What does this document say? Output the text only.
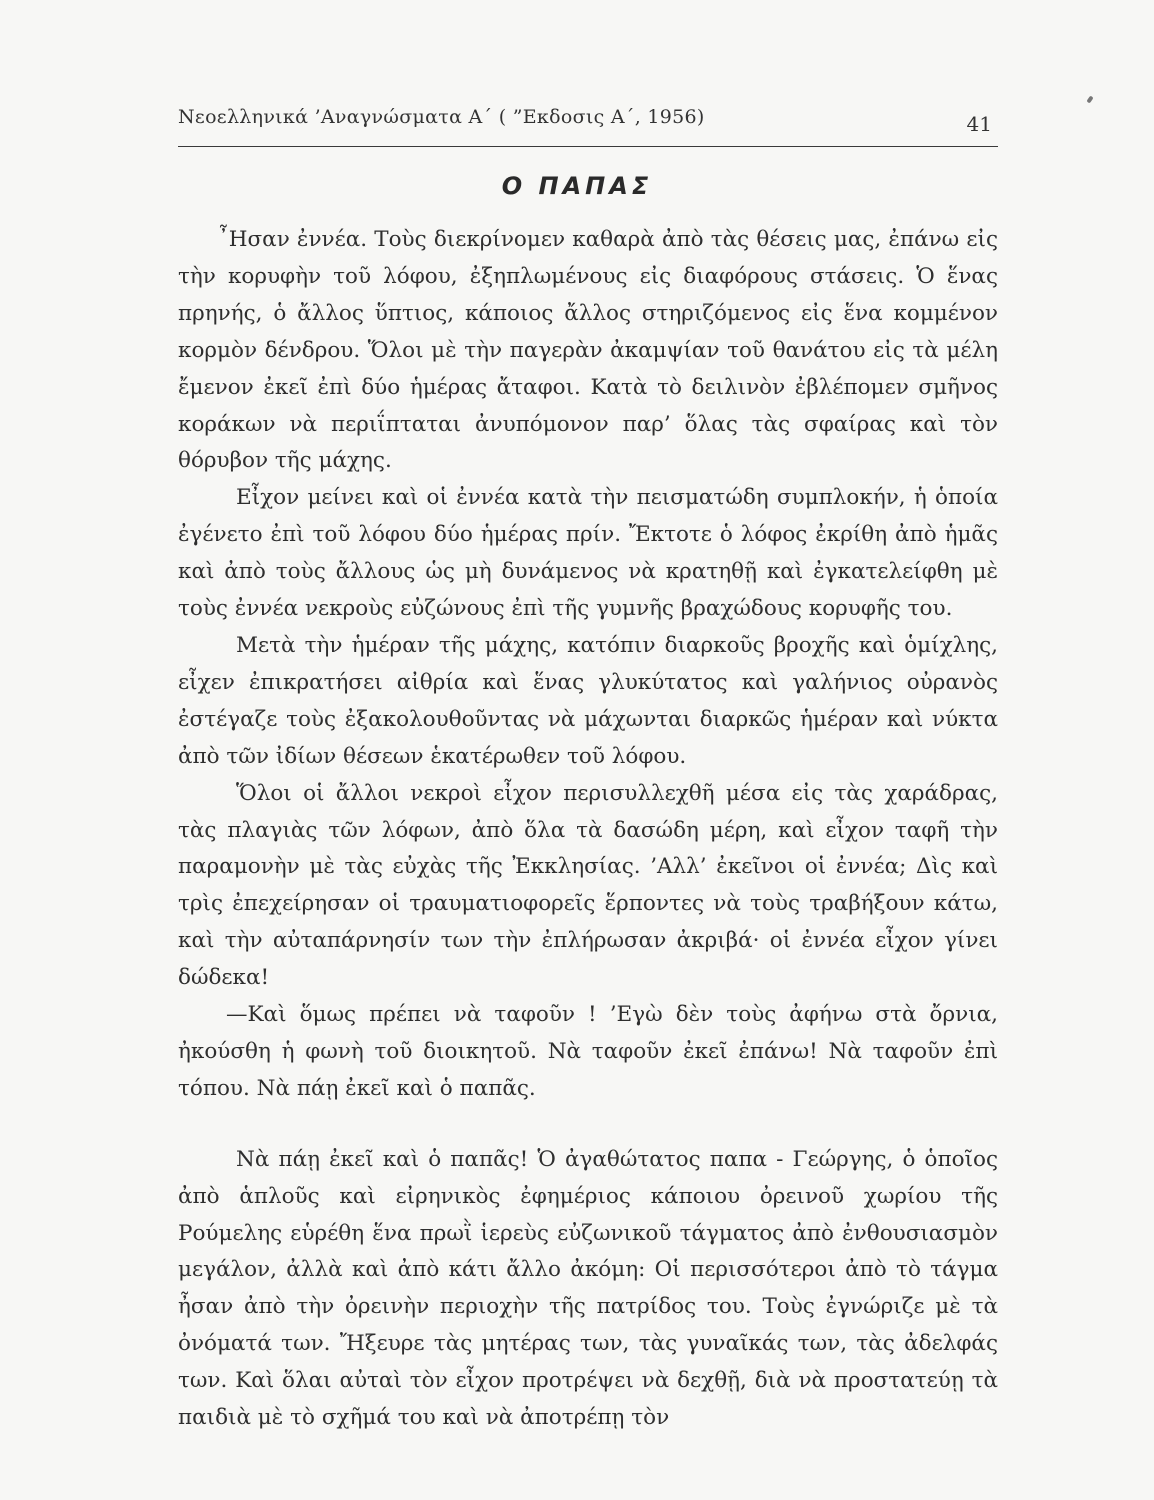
Νεοελληνικά ’Αναγνώσματα Α΄ ( ”Εκδοσις Α΄, 1956)	41
Ο ΠΑΠΑΣ

῏Ησαν ἐννέα. Τοὺς διεκρίνομεν καθαρὰ ἀπὸ τὰς θέσεις μας, ἐπάνω εἰς τὴν κορυφὴν τοῦ λόφου, ἐξηπλωμένους εἰς διαφόρους στάσεις. Ὁ ἕνας πρηνής, ὁ ἄλλος ὕπτιος, κάποιος ἄλλος στηριζόμενος εἰς ἕνα κομμένον κορμὸν δένδρου. Ὅλοι μὲ τὴν παγερὰν ἀκαμψίαν τοῦ θανάτου εἰς τὰ μέλη ἔμενον ἐκεῖ ἐπὶ δύο ἡμέρας ἄταφοι. Κατὰ τὸ δειλινὸν ἐβλέπομεν σμῆνος κοράκων νὰ περιΐπταται ἀνυπόμονον παρ’ ὅλας τὰς σφαίρας καὶ τὸν θόρυβον τῆς μάχης.

Εἶχον μείνει καὶ οἱ ἐννέα κατὰ τὴν πεισματώδη συμπλοκήν, ἡ ὁποία ἐγένετο ἐπὶ τοῦ λόφου δύο ἡμέρας πρίν. Ἔκτοτε ὁ λόφος ἐκρίθη ἀπὸ ἡμᾶς καὶ ἀπὸ τοὺς ἄλλους ὡς μὴ δυνάμενος νὰ κρατηθῇ καὶ ἐγκατελείφθη μὲ τοὺς ἐννέα νεκροὺς εὐζώνους ἐπὶ τῆς γυμνῆς βραχώδους κορυφῆς του.

Μετὰ τὴν ἡμέραν τῆς μάχης, κατόπιν διαρκοῦς βροχῆς καὶ ὁμίχλης, εἶχεν ἐπικρατήσει αἰθρία καὶ ἕνας γλυκύτατος καὶ γαλήνιος οὐρανὸς ἐστέγαζε τοὺς ἐξακολουθοῦντας νὰ μάχωνται διαρκῶς ἡμέραν καὶ νύκτα ἀπὸ τῶν ἰδίων θέσεων ἑκατέρωθεν τοῦ λόφου.

Ὅλοι οἱ ἄλλοι νεκροὶ εἶχον περισυλλεχθῆ μέσα εἰς τὰς χαράδρας, τὰς πλαγιὰς τῶν λόφων, ἀπὸ ὅλα τὰ δασώδη μέρη, καὶ εἶχον ταφῆ τὴν παραμονὴν μὲ τὰς εὐχὰς τῆς Ἐκκλησίας. ’Αλλ’ ἐκεῖνοι οἱ ἐννέα; Δὶς καὶ τρὶς ἐπεχείρησαν οἱ τραυματιοφορεῖς ἕρποντες νὰ τοὺς τραβήξουν κάτω, καὶ τὴν αὐταπάρνησίν των τὴν ἐπλήρωσαν ἀκριβά· οἱ ἐννέα εἶχον γίνει δώδεκα!

—Καὶ ὅμως πρέπει νὰ ταφοῦν ! ’Εγὼ δὲν τοὺς ἀφήνω στὰ ὄρνια, ἠκούσθη ἡ φωνὴ τοῦ διοικητοῦ. Νὰ ταφοῦν ἐκεῖ ἐπάνω! Νὰ ταφοῦν ἐπὶ τόπου. Νὰ πάῃ ἐκεῖ καὶ ὁ παπᾶς.

Νὰ πάῃ ἐκεῖ καὶ ὁ παπᾶς! Ὁ ἀγαθώτατος παπα - Γεώργης, ὁ ὁποῖος ἀπὸ ἁπλοῦς καὶ εἰρηνικὸς ἐφημέριος κάποιου ὀρεινοῦ χωρίου τῆς Ρούμελης εὑρέθη ἕνα πρωῒ ἱερεὺς εὐζωνικοῦ τάγματος ἀπὸ ἐνθουσιασμὸν μεγάλον, ἀλλὰ καὶ ἀπὸ κάτι ἄλλο ἀκόμη: Οἱ περισσότεροι ἀπὸ τὸ τάγμα ἦσαν ἀπὸ τὴν ὀρεινὴν περιοχὴν τῆς πατρίδος του. Τοὺς ἐγνώριζε μὲ τὰ ὀνόματά των. Ἤξευρε τὰς μητέρας των, τὰς γυναῖκάς των, τὰς ἀδελφάς των. Καὶ ὅλαι αὐταὶ τὸν εἶχον προτρέψει νὰ δεχθῇ, διὰ νὰ προστατεύῃ τὰ παιδιὰ μὲ τὸ σχῆμά του καὶ νὰ ἀποτρέπῃ τὸν
